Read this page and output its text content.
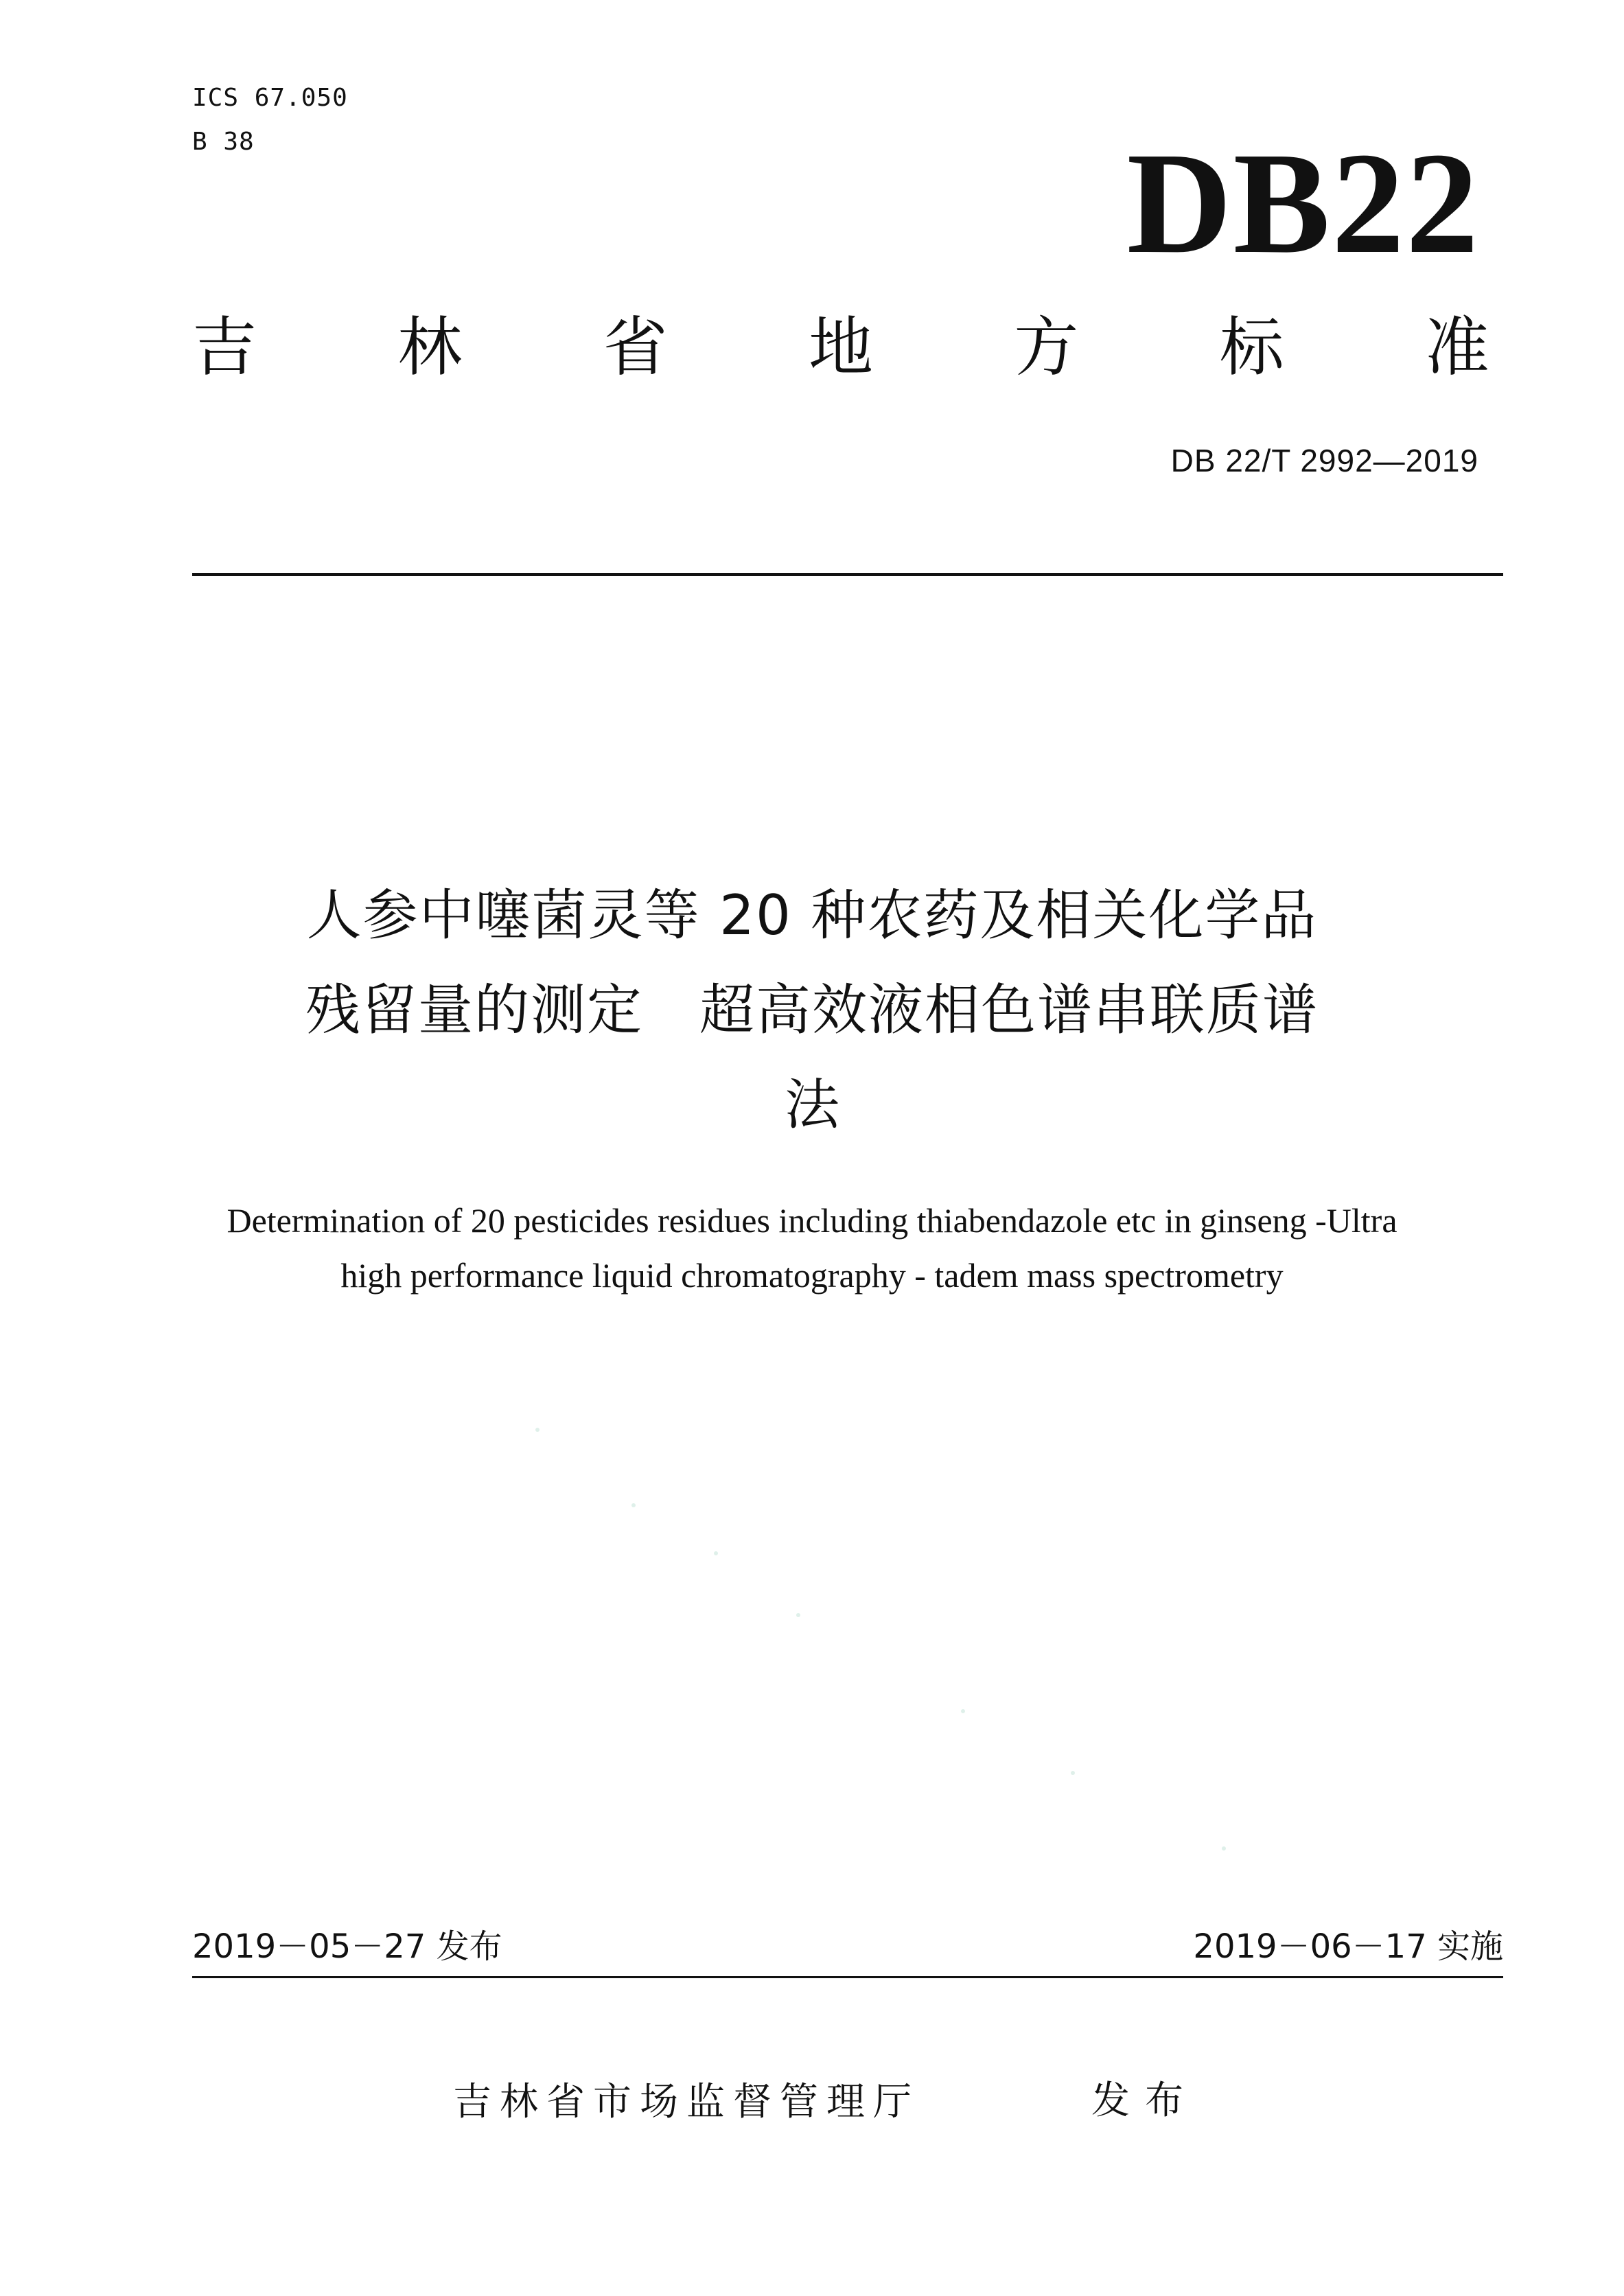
ICS 67.050
B 38	DB22
吉 林 省 地 方 标 准
DB 22/T 2992—2019
人参中噻菌灵等 20 种农药及相关化学品
残留量的测定　超高效液相色谱串联质谱
法
Determination of 20 pesticides residues including thiabendazole etc in ginseng -Ultra
high performance liquid chromatography - tadem mass spectrometry
2019－05－27 发布	2019－06－17 实施
吉林省市场监督管理厅	发布
